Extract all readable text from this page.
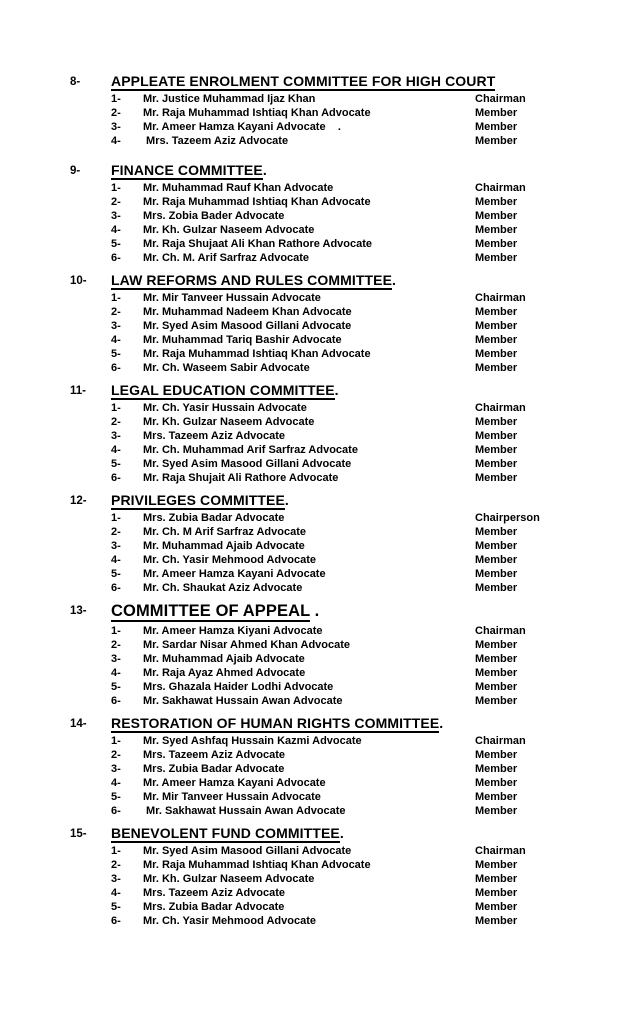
8- APPLEATE ENROLMENT COMMITTEE FOR HIGH COURT
1-	Mr. Justice Muhammad Ijaz Khan	Chairman
2-	Mr. Raja Muhammad Ishtiaq Khan Advocate	Member
3-	Mr. Ameer Hamza Kayani Advocate    .	Member
4-	Mrs. Tazeem Aziz Advocate	Member
9- FINANCE COMMITTEE.
1-	Mr. Muhammad Rauf Khan Advocate	Chairman
2-	Mr. Raja Muhammad Ishtiaq Khan Advocate	Member
3-	Mrs. Zobia Bader Advocate	Member
4-	Mr. Kh. Gulzar Naseem Advocate	Member
5-	Mr. Raja Shujaat Ali Khan Rathore Advocate	Member
6-	Mr. Ch. M. Arif Sarfraz Advocate	Member
10- LAW REFORMS AND RULES COMMITTEE.
1-	Mr. Mir Tanveer Hussain Advocate	Chairman
2-	Mr. Muhammad Nadeem Khan Advocate	Member
3-	Mr. Syed Asim Masood Gillani Advocate	Member
4-	Mr. Muhammad Tariq Bashir Advocate	Member
5-	Mr. Raja Muhammad Ishtiaq Khan Advocate	Member
6-	Mr. Ch. Waseem Sabir Advocate	Member
11- LEGAL EDUCATION COMMITTEE.
1-	Mr. Ch. Yasir Hussain Advocate	Chairman
2-	Mr. Kh. Gulzar Naseem Advocate	Member
3-	Mrs. Tazeem Aziz Advocate	Member
4-	Mr. Ch. Muhammad Arif Sarfraz Advocate	Member
5-	Mr. Syed Asim Masood Gillani Advocate	Member
6-	Mr. Raja Shujait Ali Rathore Advocate	Member
12- PRIVILEGES COMMITTEE.
1-	Mrs. Zubia Badar Advocate	Chairperson
2-	Mr. Ch. M Arif Sarfraz Advocate	Member
3-	Mr. Muhammad Ajaib Advocate	Member
4-	Mr. Ch. Yasir Mehmood Advocate	Member
5-	Mr. Ameer Hamza Kayani Advocate	Member
6-	Mr. Ch. Shaukat Aziz Advocate	Member
13- COMMITTEE OF APPEAL .
1-	Mr. Ameer Hamza Kiyani Advocate	Chairman
2-	Mr. Sardar Nisar Ahmed Khan Advocate	Member
3-	Mr. Muhammad Ajaib Advocate	Member
4-	Mr. Raja Ayaz Ahmed Advocate	Member
5-	Mrs. Ghazala Haider Lodhi Advocate	Member
6-	Mr. Sakhawat Hussain Awan Advocate	Member
14- RESTORATION OF HUMAN RIGHTS COMMITTEE.
1-	Mr. Syed Ashfaq Hussain Kazmi Advocate	Chairman
2-	Mrs. Tazeem Aziz Advocate	Member
3-	Mrs. Zubia Badar Advocate	Member
4-	Mr. Ameer Hamza Kayani Advocate	Member
5-	Mr. Mir Tanveer Hussain Advocate	Member
6-	Mr. Sakhawat Hussain Awan Advocate	Member
15- BENEVOLENT FUND COMMITTEE.
1-	Mr. Syed Asim Masood Gillani Advocate	Chairman
2-	Mr. Raja Muhammad Ishtiaq Khan Advocate	Member
3-	Mr. Kh. Gulzar Naseem Advocate	Member
4-	Mrs. Tazeem Aziz Advocate	Member
5-	Mrs. Zubia Badar Advocate	Member
6-	Mr. Ch. Yasir Mehmood Advocate	Member
